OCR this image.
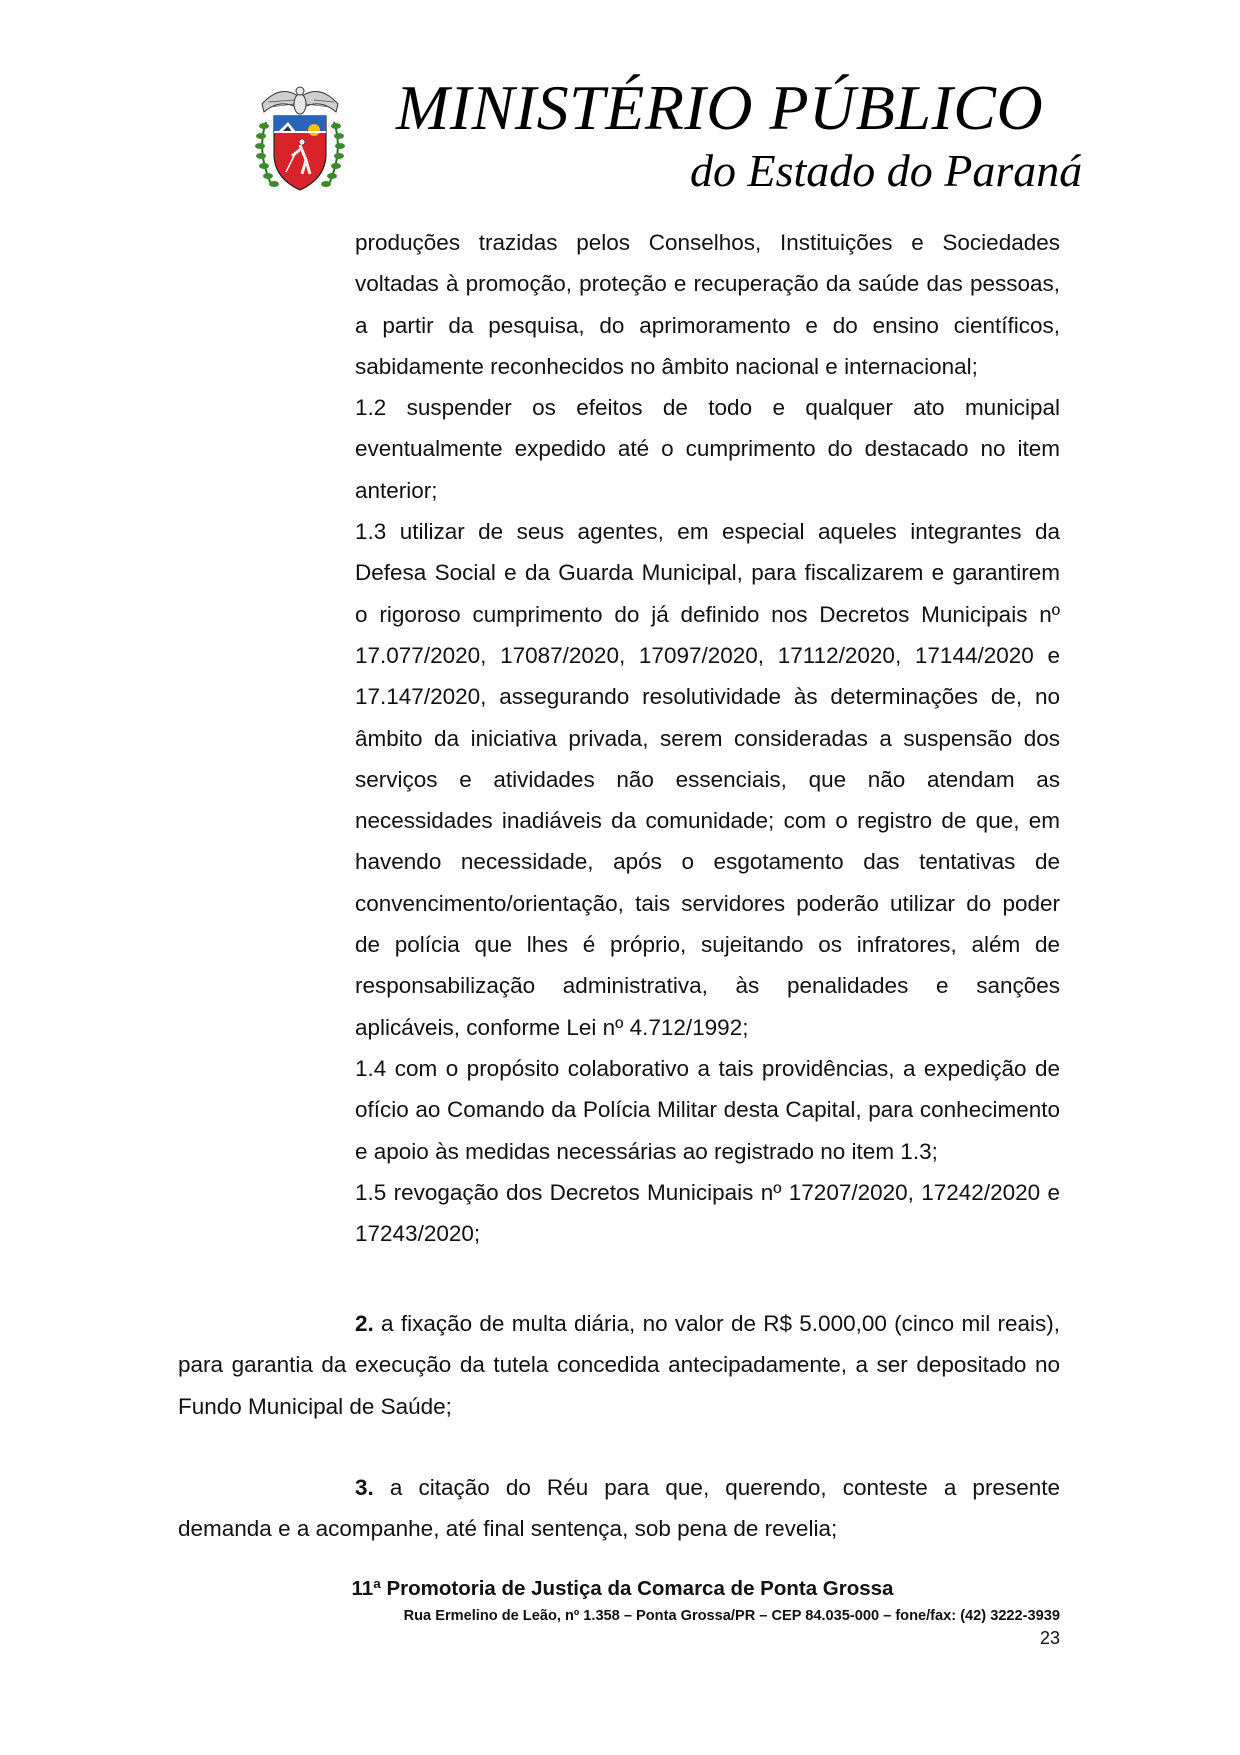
MINISTÉRIO PÚBLICO
do Estado do Paraná

produções trazidas pelos Conselhos, Instituições e Sociedades voltadas à promoção, proteção e recuperação da saúde das pessoas, a partir da pesquisa, do aprimoramento e do ensino científicos, sabidamente reconhecidos no âmbito nacional e internacional;

1.2 suspender os efeitos de todo e qualquer ato municipal eventualmente expedido até o cumprimento do destacado no item anterior;

1.3 utilizar de seus agentes, em especial aqueles integrantes da Defesa Social e da Guarda Municipal, para fiscalizarem e garantirem o rigoroso cumprimento do já definido nos Decretos Municipais nº 17.077/2020, 17087/2020, 17097/2020, 17112/2020, 17144/2020 e 17.147/2020, assegurando resolutividade às determinações de, no âmbito da iniciativa privada, serem consideradas a suspensão dos serviços e atividades não essenciais, que não atendam as necessidades inadiáveis da comunidade; com o registro de que, em havendo necessidade, após o esgotamento das tentativas de convencimento/orientação, tais servidores poderão utilizar do poder de polícia que lhes é próprio, sujeitando os infratores, além de responsabilização administrativa, às penalidades e sanções aplicáveis, conforme Lei nº 4.712/1992;

1.4 com o propósito colaborativo a tais providências, a expedição de ofício ao Comando da Polícia Militar desta Capital, para conhecimento e apoio às medidas necessárias ao registrado no item 1.3;

1.5 revogação dos Decretos Municipais nº 17207/2020, 17242/2020 e 17243/2020;

2. a fixação de multa diária, no valor de R$ 5.000,00 (cinco mil reais), para garantia da execução da tutela concedida antecipadamente, a ser depositado no Fundo Municipal de Saúde;

3. a citação do Réu para que, querendo, conteste a presente demanda e a acompanhe, até final sentença, sob pena de revelia;

11ª Promotoria de Justiça da Comarca de Ponta Grossa
Rua Ermelino de Leão, nº 1.358 – Ponta Grossa/PR – CEP 84.035-000 – fone/fax: (42) 3222-3939
23
